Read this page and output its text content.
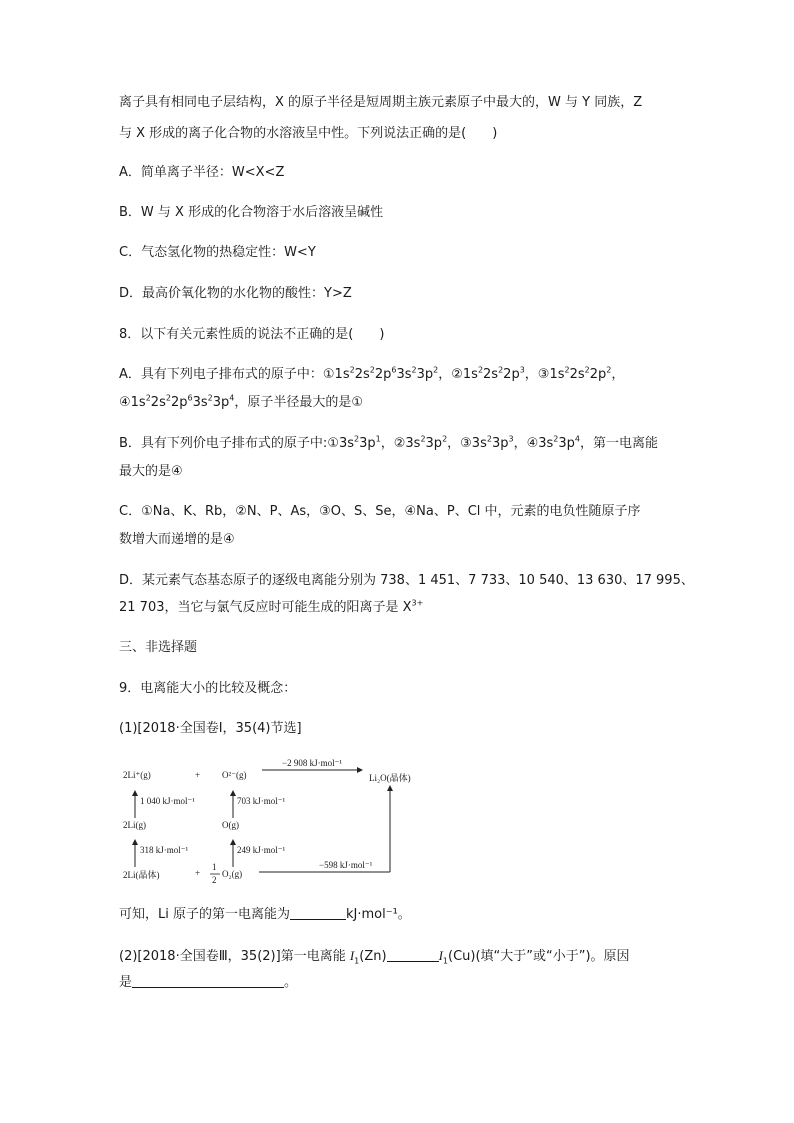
离子具有相同电子层结构，X 的原子半径是短周期主族元素原子中最大的，W 与 Y 同族，Z
与 X 形成的离子化合物的水溶液呈中性。下列说法正确的是(　　)
A．简单离子半径：W<X<Z
B．W 与 X 形成的化合物溶于水后溶液呈碱性
C．气态氢化物的热稳定性：W<Y
D．最高价氧化物的水化物的酸性：Y>Z
8．以下有关元素性质的说法不正确的是(　　)
A．具有下列电子排布式的原子中：$①1s^22s^22p^63s^23p^2$，$②1s^22s^22p^3$，$③1s^22s^22p^2$，
$④1s^22s^22p^63s^23p^4$，原子半径最大的是①
B．具有下列价电子排布式的原子中$:①3s^23p^1$，$②3s^23p^2$，$③3s^23p^3$，$④3s^23p^4$，第一电离能
最大的是④
C．①Na、K、Rb，②N、P、As，③O、S、Se，④Na、P、Cl 中，元素的电负性随原子序
数增大而递增的是④
D．某元素气态基态原子的逐级电离能分别为 738、1 451、7 733、10 540、13 630、17 995、
21 703，当它与氯气反应时可能生成的阳离子是 $X^{3+}$
三、非选择题
9．电离能大小的比较及概念：
(1)[2018·全国卷Ⅰ，35(4)节选]
2Li⁺(g)	+ O²⁻(g)
−2 908 kJ·mol⁻¹
Li₂O(晶体)
1 040 kJ·mol⁻¹	703 kJ·mol⁻¹
2Li(g)	O(g)
318 kJ·mol⁻¹	249 kJ·mol⁻¹
−598 kJ·mol⁻¹
2Li(晶体)	+
1
2
O₂(g)
可知，Li 原子的第一电离能为	kJ·mol⁻¹。
(2)[2018·全国卷Ⅲ，35(2)]第一电离能 $I_1(Zn)$	$I_1(Cu)$(填“大于”或“小于”)。原因
是	。
